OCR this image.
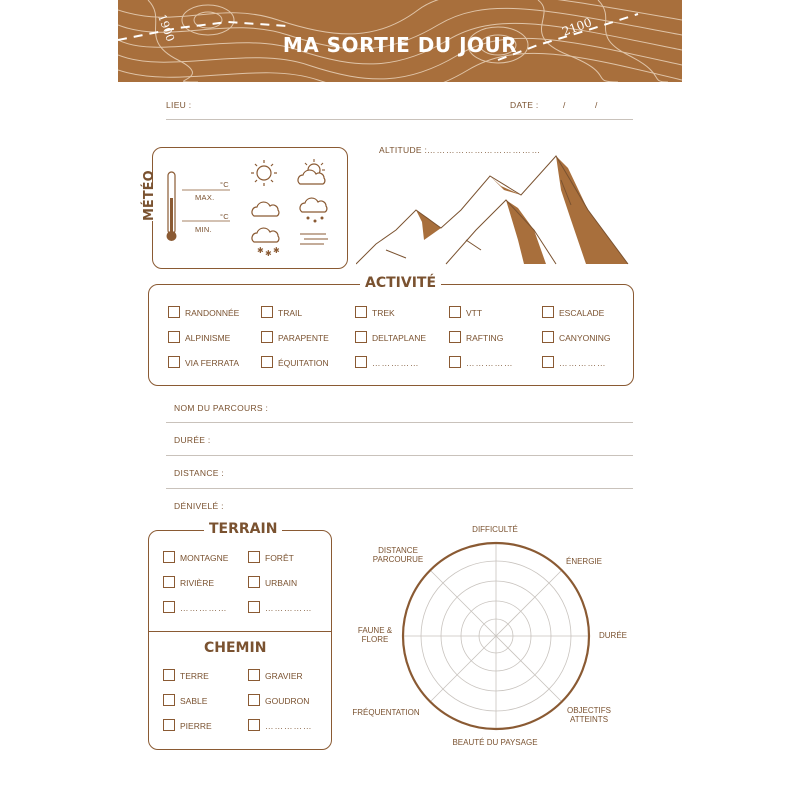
1900	2100
MA SORTIE DU JOUR
LIEU :	DATE :	/	/
MÉTÉO	°C
MAX.
°C
MIN.
✱ ✱ ✱
ALTITUDE : ………………………………
ACTIVITÉ
RANDONNÉE	TRAIL	TREK	VTT	ESCALADE
ALPINISME	PARAPENTE	DELTAPLANE	RAFTING	CANYONING
VIA FERRATA	ÉQUITATION	……………	……………	……………
NOM DU PARCOURS :
DURÉE :
DISTANCE :
DÉNIVELÉ :
TERRAIN
CHEMIN
MONTAGNE	FORÊT
RIVIÈRE	URBAIN
……………	……………
TERRE	GRAVIER
SABLE	GOUDRON
PIERRE	……………
DIFFICULTÉ
ÉNERGIE
DURÉE
OBJECTIFS ATTEINTS
BEAUTÉ DU PAYSAGE
FRÉQUENTATION
FAUNE & FLORE
DISTANCE PARCOURUE
